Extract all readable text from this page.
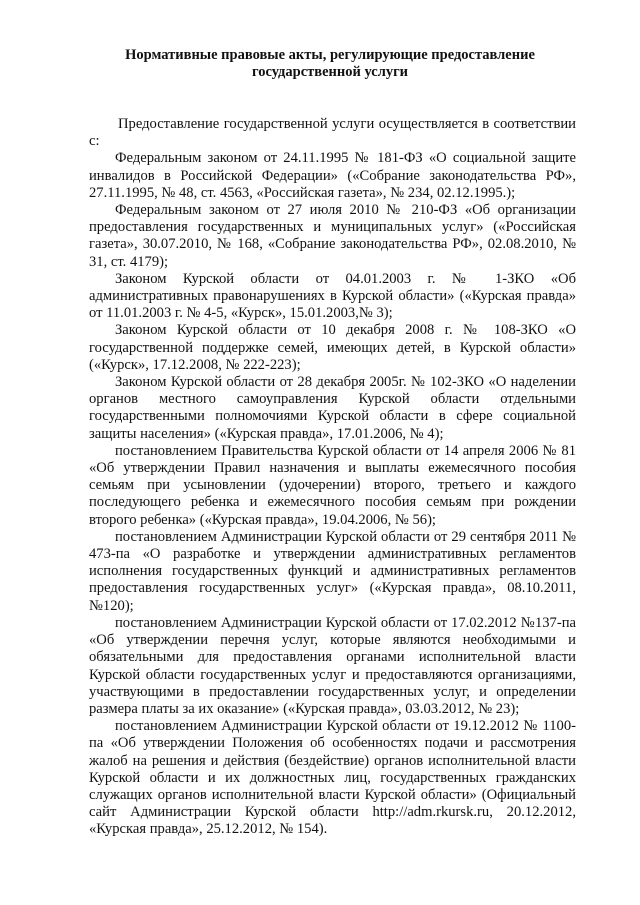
Нормативные правовые акты, регулирующие предоставление
государственной услуги

Предоставление государственной услуги осуществляется в соответствии с:

Федеральным законом от 24.11.1995 № 181-ФЗ «О социальной защите инвалидов в Российской Федерации» («Собрание законодательства РФ», 27.11.1995, № 48, ст. 4563, «Российская газета», № 234, 02.12.1995.);

Федеральным законом от 27 июля 2010 № 210-ФЗ «Об организации предоставления государственных и муниципальных услуг» («Российская газета», 30.07.2010, № 168, «Собрание законодательства РФ», 02.08.2010, № 31, ст. 4179);

Законом Курской области от 04.01.2003 г. № 1-ЗКО «Об административных правонарушениях в Курской области» («Курская правда» от 11.01.2003 г. № 4-5, «Курск», 15.01.2003,№ 3);

Законом Курской области от 10 декабря 2008 г. № 108-ЗКО «О государственной поддержке семей, имеющих детей, в Курской области» («Курск», 17.12.2008, № 222-223);

Законом Курской области от 28 декабря 2005г. № 102-ЗКО «О наделении органов местного самоуправления Курской области отдельными государственными полномочиями Курской области в сфере социальной защиты населения» («Курская правда», 17.01.2006, № 4);

постановлением Правительства Курской области от 14 апреля 2006 № 81 «Об утверждении Правил назначения и выплаты ежемесячного пособия семьям при усыновлении (удочерении) второго, третьего и каждого последующего ребенка и ежемесячного пособия семьям при рождении второго ребенка» («Курская правда», 19.04.2006, № 56);

постановлением Администрации Курской области от 29 сентября 2011 № 473-па «О разработке и утверждении административных регламентов исполнения государственных функций и административных регламентов предоставления государственных услуг» («Курская правда», 08.10.2011, №120);

постановлением Администрации Курской области от 17.02.2012 №137-па «Об утверждении перечня услуг, которые являются необходимыми и обязательными для предоставления органами исполнительной власти Курской области государственных услуг и предоставляются организациями, участвующими в предоставлении государственных услуг, и определении размера платы за их оказание» («Курская правда», 03.03.2012, № 23);

постановлением Администрации Курской области от 19.12.2012 № 1100-па «Об утверждении Положения об особенностях подачи и рассмотрения жалоб на решения и действия (бездействие) органов исполнительной власти Курской области и их должностных лиц, государственных гражданских служащих органов исполнительной власти Курской области» (Официальный сайт Администрации Курской области http://adm.rkursk.ru, 20.12.2012, «Курская правда», 25.12.2012, № 154).
